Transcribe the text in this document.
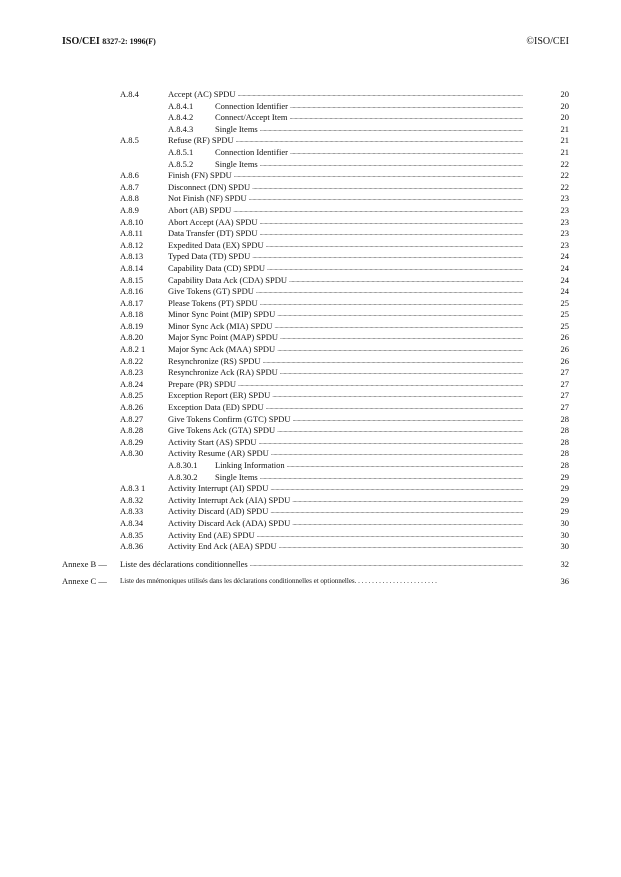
ISO/CEI 8327-2: 1996(F)	©ISO/CEI
A.8.4	Accept (AC) SPDU .....	20
A.8.4.1	Connection Identifier .....	20
A.8.4.2	Connect/Accept Item .....	20
A.8.4.3	Single Items .....	21
A.8.5	Refuse (RF) SPDU .....	21
A.8.5.1	Connection Identifier .....	21
A.8.5.2	Single Items .....	22
A.8.6	Finish (FN) SPDU .....	22
A.8.7	Disconnect (DN) SPDU .....	22
A.8.8	Not Finish (NF) SPDU .....	23
A.8.9	Abort (AB) SPDU .....	23
A.8.10	Abort Accept (AA) SPDU .....	23
A.8.11	Data Transfer (DT) SPDU .....	23
A.8.12	Expedited Data (EX) SPDU .....	23
A.8.13	Typed Data (TD) SPDU .....	24
A.8.14	Capability Data (CD) SPDU .....	24
A.8.15	Capability Data Ack (CDA) SPDU .....	24
A.8.16	Give Tokens (GT) SPDU .....	24
A.8.17	Please Tokens (PT) SPDU .....	25
A.8.18	Minor Sync Point (MIP) SPDU .....	25
A.8.19	Minor Sync Ack (MIA) SPDU .....	25
A.8.20	Major Sync Point (MAP) SPDU .....	26
A.8.2 1	Major Sync Ack (MAA) SPDU .....	26
A.8.22	Resynchronize (RS) SPDU .....	26
A.8.23	Resynchronize Ack (RA) SPDU .....	27
A.8.24	Prepare (PR) SPDU .....	27
A.8.25	Exception Report (ER) SPDU .....	27
A.8.26	Exception Data (ED) SPDU .....	27
A.8.27	Give Tokens Confirm (GTC) SPDU .....	28
A.8.28	Give Tokens Ack (GTA) SPDU .....	28
A.8.29	Activity Start (AS) SPDU .....	28
A.8.30	Activity Resume (AR) SPDU .....	28
A.8.30.1 Linking Information .....	28
A.8.30.2 Single Items .....	29
A.8.3 1	Activity Interrupt (AI) SPDU .....	29
A.8.32	Activity Interrupt Ack (AIA) SPDU .....	29
A.8.33	Activity Discard (AD) SPDU .....	29
A.8.34	Activity Discard Ack (ADA) SPDU .....	30
A.8.35	Activity End (AE) SPDU .....	30
A.8.36	Activity End Ack (AEA) SPDU .....	30
Annexe B — Liste des déclarations conditionnelles .....	32
Annexe C — Liste des mnémoniques utilisés dans les déclarations conditionnelles et optionnelles. . . . . . . . . . . . . . . . . . . . . . . .	36
